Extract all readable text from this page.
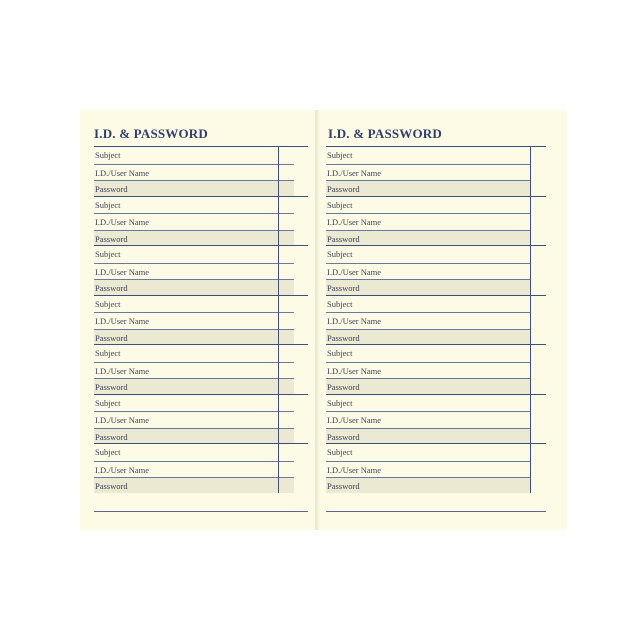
I.D. & PASSWORD
Subject
I.D./User Name
Password
Subject
I.D./User Name
Password
Subject
I.D./User Name
Password
Subject
I.D./User Name
Password
Subject
I.D./User Name
Password
Subject
I.D./User Name
Password
Subject
I.D./User Name
Password
I.D. & PASSWORD
Subject
I.D./User Name
Password
Subject
I.D./User Name
Password
Subject
I.D./User Name
Password
Subject
I.D./User Name
Password
Subject
I.D./User Name
Password
Subject
I.D./User Name
Password
Subject
I.D./User Name
Password
